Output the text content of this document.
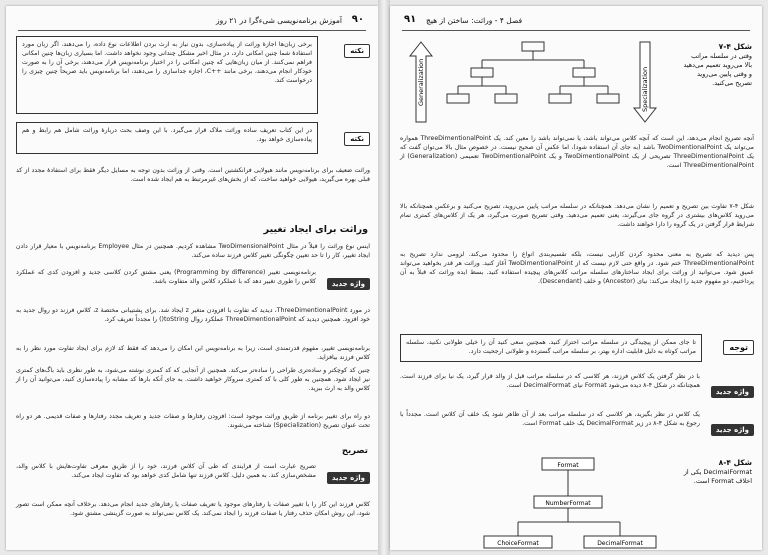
۹۰
آموزش برنامه‌نویسی شی‌ءگرا در ۲۱ روز
نکته
برخی زبان‌ها اجازهٔ وراثت از پیاده‌سازی، بدون نیاز به ارث بردن اطلاعات نوع داده، را می‌دهند. اگر زبان مورد استفادهٔ شما چنین امکانی دارد، در مثال اخیر مشکل چندانی وجود نخواهد داشت. اما بسیاری زبان‌ها چنین امکانی فراهم نمی‌کنند. از میان زبان‌هایی که چنین امکانی را در اختیار برنامه‌نویس قرار می‌دهند، برخی آن را به صورت خودکار انجام می‌دهند، برخی مانند ++C، اجازه جداسازی را می‌دهند، اما برنامه‌نویس باید صریحاً چنین چیزی را درخواست کند.
نکته
در این کتاب تعریف ساده وراثت ملاک قرار می‌گیرد. با این وصف بحث دربارهٔ وراثت شامل هم رابط و هم پیاده‌سازی خواهد بود.
وراثت ضعیف برای برنامه‌نویس مانند هیولایی فرانکشتین است. وقتی از وراثت بدون توجه به مسایل دیگر فقط برای استفادهٔ مجدد از کد قبلی بهره می‌گیرید، هیولایی خواهید ساخت، که از بخش‌های غیرمرتبط به هم ایجاد شده است.
وراثت برای ایجاد تغییر
اینس نوع وراثت را قبلاً در مثال TwoDimensionalPoint مشاهده کردیم. همچنین در مثال Employee برنامه‌نویس با معیار قرار دادن ایجاد تغییر، کار را تا حد تعیین چگونگی تغییر کلاس فرزند ساده می‌کند.
واژه جدید
برنامه‌نویسی تغییر (Programming by difference) یعنی مشتق کردن کلاسی جدید و افزودن کدی که عملکرد کلاس را طوری تغییر دهد که با عملکرد کلاس والد متفاوت باشد.
در مورد ThreeDimentionalPoint، دیدید که تفاوت با افزودن متغیر z ایجاد شد. برای پشتیبانی مختصهٔ z، کلاس فرزند دو روال جدید به خود افزود. همچنین دیدید که ThreeDimentionalPoint عملکرد روال toString() را مجدداً تعریف کرد.
برنامه‌نویسی تغییر، مفهوم قدرتمندی است، زیرا به برنامه‌نویس این امکان را می‌دهد که فقط کد لازم برای ایجاد تفاوت مورد نظر را به کلاس فرزند بیافزاید.
چنین کد کوچکتر و ساده‌تری طراحی را ساده‌تر می‌کند. همچنین از آنجایی که کد کمتری نوشته می‌شود، به طور نظری باید باگ‌های کمتری نیز ایجاد شود. همچنین به طور کلی با کد کمتری سروکار خواهید داشت. به جای آنکه بارها کد مشابه را پیاده‌سازی کنید، می‌توانید آن را از کلاس والد به ارث ببرید.
دو راه برای تغییر برنامه از طریق وراثت موجود است: افزودن رفتارها و صفات جدید و تعریف مجدد رفتارها و صفات قدیمی. هر دو راه تحت عنوان تصریح (Specialization) شناخته می‌شوند.
تصریح
واژه جدید
تصریح عبارت است از فرایندی که طی آن کلاس فرزند، خود را از طریق معرفی تفاوت‌هایش با کلاس والد، مشخص‌سازی کند. به همین دلیل، کلاس فرزند تنها شامل کدی خواهد بود که تفاوت ایجاد می‌کند.
کلاس فرزند این کار را با تغییر صفات یا رفتارهای موجود یا تعریف صفات یا رفتارهای جدید انجام می‌دهد. برخلاف آنچه ممکن است تصور شود، این روش امکان حذف رفتار یا صفات فرزند را ایجاد نمی‌کند. یک کلاس نمی‌تواند به صورت گزینشی مشتق شود.
۹۱ فصل ۴ - وراثت: ساختن از هیچ
Generalization	Specialization
شکل ۴-۷
وقتی در سلسله مراتب بالا می‌روید تعمیم می‌دهید و وقتی پایین می‌روید تصریح می‌کنید.
آنچه تصریح انجام می‌دهد، این است که آنچه کلاس می‌تواند باشد، یا نمی‌تواند باشد را معین کند. یک ThreeDimentionalPoint همواره می‌تواند یک TwoDimentionalPoint باشد (به جای آن استفاده شود)، اما عکس آن صحیح نیست. در خصوص مثال بالا می‌توان گفت که یک ThreeDimentionalPoint تصریحی از یک TwoDimentionalPoint و یک TwoDimentionalPoint تعمیمی (Generalization) از ThreeDimentionalPoint است.
شکل ۴-۷ تفاوت بین تصریح و تعمیم را نشان می‌دهد. همچنانکه در سلسله مراتب پایین می‌روید، تصریح می‌کنید و برعکس همچنانکه بالا می‌روید کلاس‌های بیشتری در گروه جای می‌گیرند، یعنی تعمیم می‌دهید. وقتی تصریح صورت می‌گیرد، هر یک از کلاس‌های کمتری تمام شرایط قرار گرفتن در یک گروه را دارا خواهند داشت.
پس دیدید که تصریح به معنی محدود کردن کارایی نیست، بلکه تقسیم‌بندی انواع را محدود می‌کند. لزومی ندارد تصریح به ThreeDimentionalPoint ختم شود. در واقع حتی لازم نیست که از TwoDimentionalPoint آغاز کنید. وراثت هر قدر بخواهید می‌تواند عمیق شود. می‌توانید از وراثت برای ایجاد ساختارهای سلسله مراتب کلاس‌های پیچیده استفاده کنید. بسط ایده وراثت که قبلاً به آن پرداختیم، دو مفهوم جدید را ایجاد می‌کند: نیای (Ancestor) و خلف (Descendant).
توجه
تا جای ممکن از پیچیدگی در سلسله مراتب احتراز کنید. همچنین سعی کنید آن را خیلی طولانی نکنید، سلسله مراتب کوتاه به دلیل قابلیت اداره بهتر، بر سلسله مراتب گسترده و طولانی ارجحیت دارد.
واژه جدید
با در نظر گرفتن یک کلاس فرزند، هر کلاسی که در سلسله مراتب قبل از والد قرار گیرد، یک نیا برای فرزند است. همچنانکه در شکل ۴-۸ دیده می‌شود Format نیای DecimalFormat است.
واژه جدید
یک کلاس در نظر بگیرید، هر کلاسی که در سلسله مراتب بعد از آن ظاهر شود یک خلف آن کلاس است. مجدداً با رجوع به شکل ۴-۸ در زیر DecimalFormat یک خلف Format است.
Format
NumberFormat
ChoiceFormat	DecimalFormat
شکل ۴-۸
DecimalFormat یکی از اخلاف Format است.
